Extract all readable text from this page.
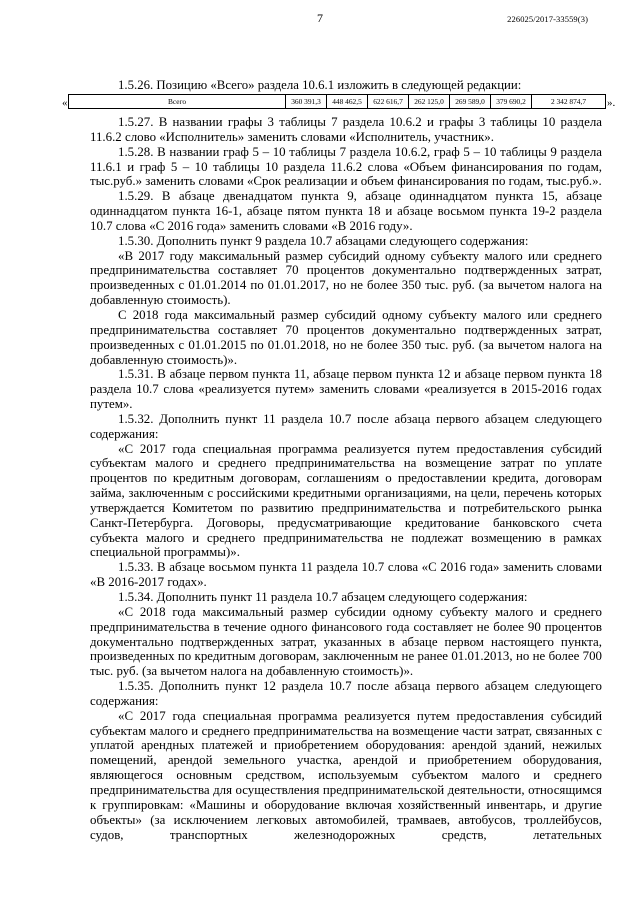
7	226025/2017-33559(3)
1.5.26. Позицию «Всего» раздела 10.6.1 изложить в следующей редакции:
«	Всего	360 391,3	448 462,5	622 616,7	262 125,0	269 589,0	379 690,2	2 342 874,7 ».

1.5.27. В названии графы 3 таблицы 7 раздела 10.6.2 и графы 3 таблицы 10 раздела 11.6.2 слово «Исполнитель» заменить словами «Исполнитель, участник».

1.5.28. В названии граф 5 – 10 таблицы 7 раздела 10.6.2, граф 5 – 10 таблицы 9 раздела 11.6.1 и граф 5 – 10 таблицы 10 раздела 11.6.2 слова «Объем финансирования по годам, тыс.руб.» заменить словами «Срок реализации и объем финансирования по годам, тыс.руб.».

1.5.29. В абзаце двенадцатом пункта 9, абзаце одиннадцатом пункта 15, абзаце одиннадцатом пункта 16-1, абзаце пятом пункта 18 и абзаце восьмом пункта 19-2 раздела 10.7 слова «С 2016 года» заменить словами «В 2016 году».

1.5.30. Дополнить пункт 9 раздела 10.7 абзацами следующего содержания:

«В 2017 году максимальный размер субсидий одному субъекту малого или среднего предпринимательства составляет 70 процентов документально подтвержденных затрат, произведенных с 01.01.2014 по 01.01.2017, но не более 350 тыс. руб. (за вычетом налога на добавленную стоимость).

С 2018 года максимальный размер субсидий одному субъекту малого или среднего предпринимательства составляет 70 процентов документально подтвержденных затрат, произведенных с 01.01.2015 по 01.01.2018, но не более 350 тыс. руб. (за вычетом налога на добавленную стоимость)».

1.5.31. В абзаце первом пункта 11, абзаце первом пункта 12 и абзаце первом пункта 18 раздела 10.7 слова «реализуется путем» заменить словами «реализуется в 2015-2016 годах путем».

1.5.32. Дополнить пункт 11 раздела 10.7 после абзаца первого абзацем следующего содержания:

«С 2017 года специальная программа реализуется путем предоставления субсидий субъектам малого и среднего предпринимательства на возмещение затрат по уплате процентов по кредитным договорам, соглашениям о предоставлении кредита, договорам займа, заключенным с российскими кредитными организациями, на цели, перечень которых утверждается Комитетом по развитию предпринимательства и потребительского рынка Санкт-Петербурга. Договоры, предусматривающие кредитование банковского счета субъекта малого и среднего предпринимательства не подлежат возмещению в рамках специальной программы)».

1.5.33. В абзаце восьмом пункта 11 раздела 10.7 слова «С 2016 года» заменить словами «В 2016-2017 годах».

1.5.34. Дополнить пункт 11 раздела 10.7 абзацем следующего содержания:

«С 2018 года максимальный размер субсидии одному субъекту малого и среднего предпринимательства в течение одного финансового года составляет не более 90 процентов документально подтвержденных затрат, указанных в абзаце первом настоящего пункта, произведенных по кредитным договорам, заключенным не ранее 01.01.2013, но не более 700 тыс. руб. (за вычетом налога на добавленную стоимость)».

1.5.35. Дополнить пункт 12 раздела 10.7 после абзаца первого абзацем следующего содержания:

«С 2017 года специальная программа реализуется путем предоставления субсидий субъектам малого и среднего предпринимательства на возмещение части затрат, связанных с уплатой арендных платежей и приобретением оборудования: арендой зданий, нежилых помещений, арендой земельного участка, арендой и приобретением оборудования, являющегося основным средством, используемым субъектом малого и среднего предпринимательства для осуществления предпринимательской деятельности, относящимся к группировкам: «Машины и оборудование включая хозяйственный инвентарь, и другие объекты» (за исключением легковых автомобилей, трамваев, автобусов, троллейбусов, судов, транспортных железнодорожных средств, летательных
